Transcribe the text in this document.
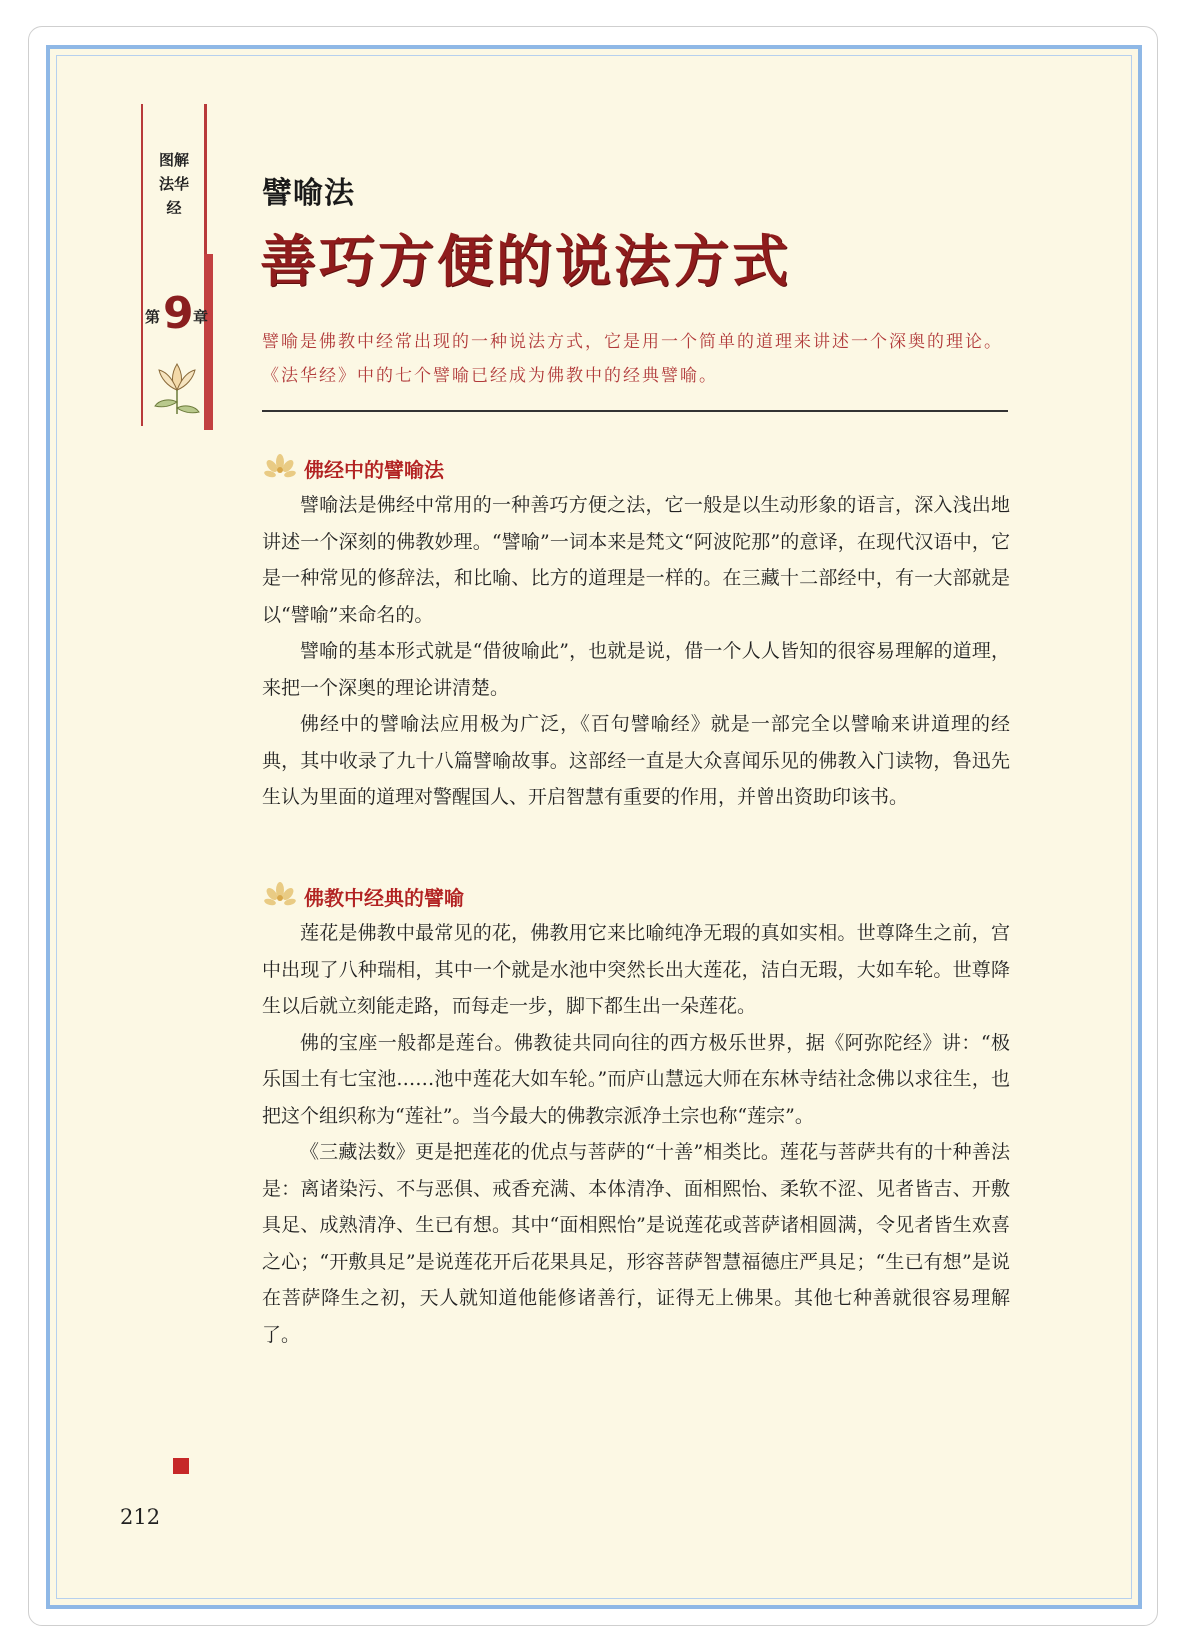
图解法华经
第 9 章
譬喻法
善巧方便的说法方式
譬喻是佛教中经常出现的一种说法方式，它是用一个简单的道理来讲述一个深奥的理论。《法华经》中的七个譬喻已经成为佛教中的经典譬喻。
佛经中的譬喻法

譬喻法是佛经中常用的一种善巧方便之法，它一般是以生动形象的语言，深入浅出地讲述一个深刻的佛教妙理。“譬喻”一词本来是梵文“阿波陀那”的意译，在现代汉语中，它是一种常见的修辞法，和比喻、比方的道理是一样的。在三藏十二部经中，有一大部就是以“譬喻”来命名的。

譬喻的基本形式就是“借彼喻此”，也就是说，借一个人人皆知的很容易理解的道理，来把一个深奥的理论讲清楚。

佛经中的譬喻法应用极为广泛，《百句譬喻经》就是一部完全以譬喻来讲道理的经典，其中收录了九十八篇譬喻故事。这部经一直是大众喜闻乐见的佛教入门读物，鲁迅先生认为里面的道理对警醒国人、开启智慧有重要的作用，并曾出资助印该书。

佛教中经典的譬喻

莲花是佛教中最常见的花，佛教用它来比喻纯净无瑕的真如实相。世尊降生之前，宫中出现了八种瑞相，其中一个就是水池中突然长出大莲花，洁白无瑕，大如车轮。世尊降生以后就立刻能走路，而每走一步，脚下都生出一朵莲花。

佛的宝座一般都是莲台。佛教徒共同向往的西方极乐世界，据《阿弥陀经》讲：“极乐国土有七宝池……池中莲花大如车轮。”而庐山慧远大师在东林寺结社念佛以求往生，也把这个组织称为“莲社”。当今最大的佛教宗派净土宗也称“莲宗”。

《三藏法数》更是把莲花的优点与菩萨的“十善”相类比。莲花与菩萨共有的十种善法是：离诸染污、不与恶俱、戒香充满、本体清净、面相熙怡、柔软不涩、见者皆吉、开敷具足、成熟清净、生已有想。其中“面相熙怡”是说莲花或菩萨诸相圆满，令见者皆生欢喜之心；“开敷具足”是说莲花开后花果具足，形容菩萨智慧福德庄严具足；“生已有想”是说在菩萨降生之初，天人就知道他能修诸善行，证得无上佛果。其他七种善就很容易理解了。

212
